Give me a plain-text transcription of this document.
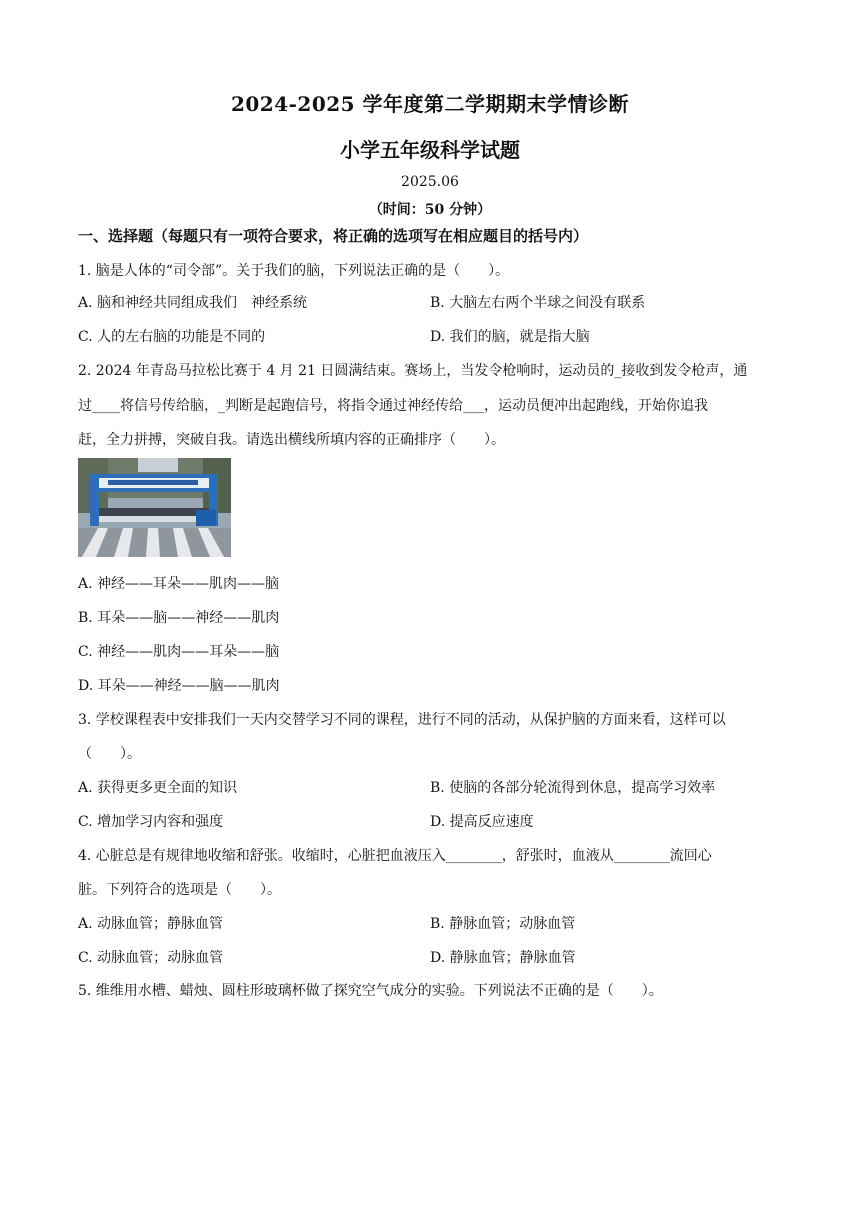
2024-2025 学年度第二学期期末学情诊断
小学五年级科学试题
2025.06
（时间：50 分钟）
一、选择题（每题只有一项符合要求，将正确的选项写在相应题目的括号内）
1. 脑是人体的“司令部”。关于我们的脑，下列说法正确的是（　　）。
A. 脑和神经共同组成我们　神经系统	B. 大脑左右两个半球之间没有联系
C. 人的左右脑的功能是不同的	D. 我们的脑，就是指大脑
2. 2024 年青岛马拉松比赛于 4 月 21 日圆满结束。赛场上，当发令枪响时，运动员的_接收到发令枪声，通
过____将信号传给脑，_判断是起跑信号，将指令通过神经传给___，运动员便冲出起跑线，开始你追我
赶，全力拼搏，突破自我。请选出横线所填内容的正确排序（　　）。
A. 神经——耳朵——肌肉——脑
B. 耳朵——脑——神经——肌肉
C. 神经——肌肉——耳朵——脑
D. 耳朵——神经——脑——肌肉
3. 学校课程表中安排我们一天内交替学习不同的课程，进行不同的活动，从保护脑的方面来看，这样可以
（　　）。
A. 获得更多更全面的知识	B. 使脑的各部分轮流得到休息，提高学习效率
C. 增加学习内容和强度	D. 提高反应速度
4. 心脏总是有规律地收缩和舒张。收缩时，心脏把血液压入________，舒张时，血液从________流回心
脏。下列符合的选项是（　　）。
A. 动脉血管；静脉血管	B. 静脉血管；动脉血管
C. 动脉血管；动脉血管	D. 静脉血管；静脉血管
5. 维维用水槽、蜡烛、圆柱形玻璃杯做了探究空气成分的实验。下列说法不正确的是（　　）。
